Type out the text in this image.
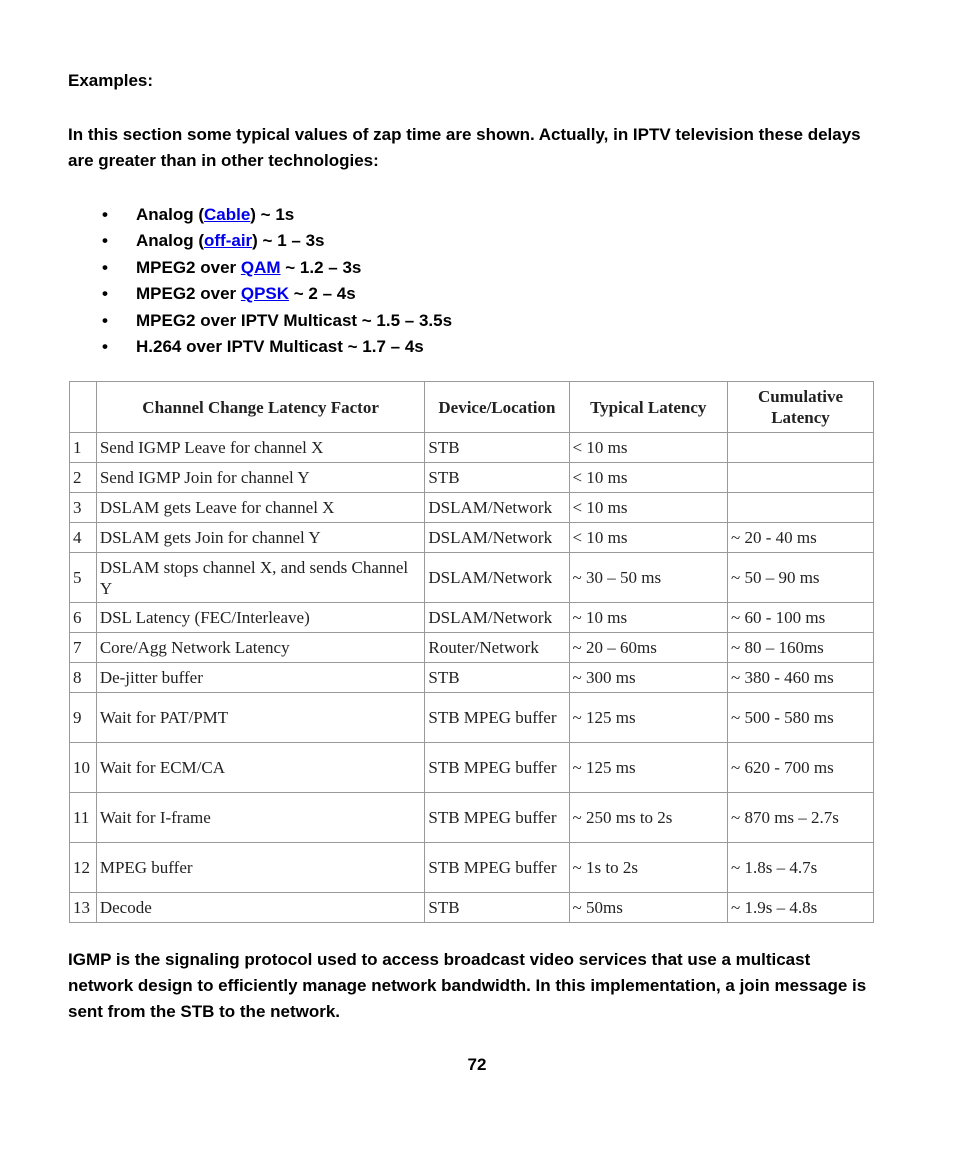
Examples:
In this section some typical values of zap time are shown. Actually, in IPTV television these delays are greater than in other technologies:
• Analog (Cable) ~ 1s
• Analog (off-air) ~ 1 – 3s
• MPEG2 over QAM ~ 1.2 – 3s
• MPEG2 over QPSK ~ 2 – 4s
• MPEG2 over IPTV Multicast ~ 1.5 – 3.5s
• H.264 over IPTV Multicast ~ 1.7 – 4s
	Channel Change Latency Factor	Device/Location	Typical Latency	Cumulative Latency
1	Send IGMP Leave for channel X	STB	< 10 ms	
2	Send IGMP Join for channel Y	STB	< 10 ms	
3	DSLAM gets Leave for channel X	DSLAM/Network	< 10 ms	
4	DSLAM gets Join for channel Y	DSLAM/Network	< 10 ms	~ 20 - 40 ms
5	DSLAM stops channel X, and sends Channel Y	DSLAM/Network	~ 30 – 50 ms	~ 50 – 90 ms
6	DSL Latency (FEC/Interleave)	DSLAM/Network	~ 10 ms	~ 60 - 100 ms
7	Core/Agg Network Latency	Router/Network	~ 20 – 60ms	~ 80 – 160ms
8	De-jitter buffer	STB	~ 300 ms	~ 380 - 460 ms
9	Wait for PAT/PMT	STB MPEG buffer	~ 125 ms	~ 500 - 580 ms
10	Wait for ECM/CA	STB MPEG buffer	~ 125 ms	~ 620 - 700 ms
11	Wait for I-frame	STB MPEG buffer	~ 250 ms to 2s	~ 870 ms – 2.7s
12	MPEG buffer	STB MPEG buffer	~ 1s to 2s	~ 1.8s – 4.7s
13	Decode	STB	~ 50ms	~ 1.9s – 4.8s
IGMP is the signaling protocol used to access broadcast video services that use a multicast network design to efficiently manage network bandwidth. In this implementation, a join message is sent from the STB to the network.
72
